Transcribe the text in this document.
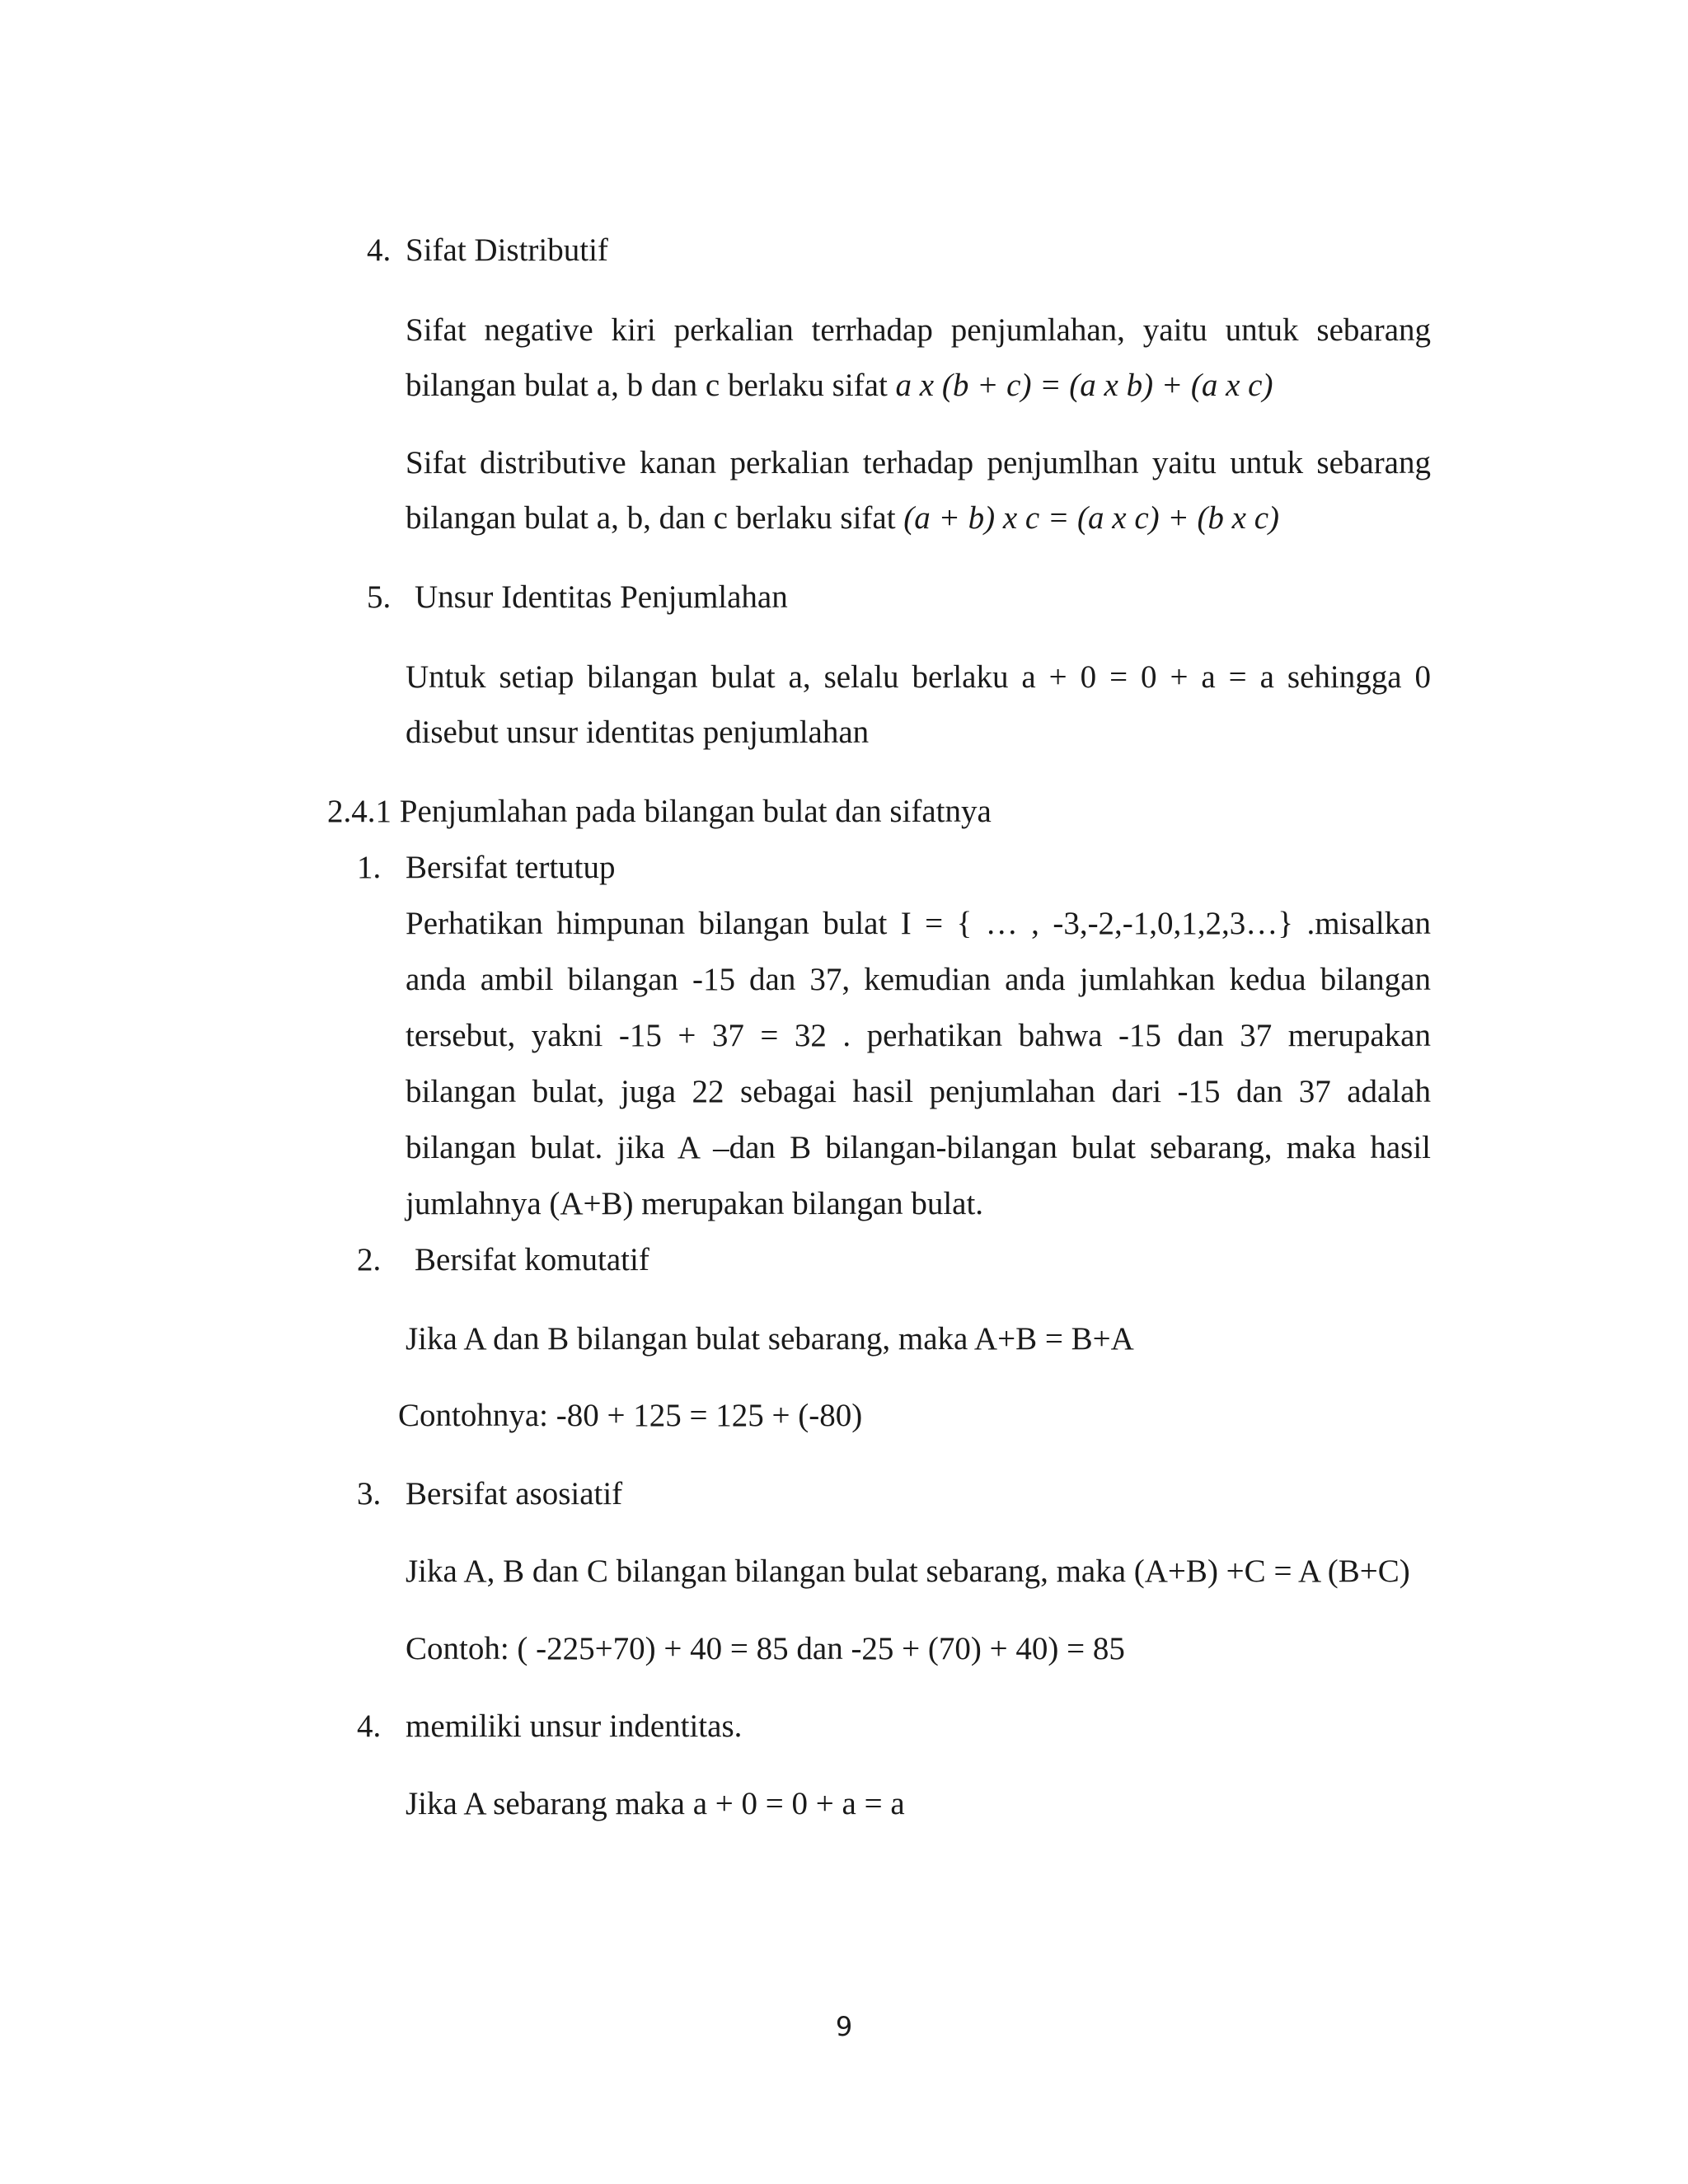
4. Sifat Distributif
Sifat negative kiri perkalian terrhadap penjumlahan, yaitu untuk sebarang
bilangan bulat a, b dan c berlaku sifat a x (b + c) = (a x b) + (a x c)
Sifat distributive kanan perkalian terhadap penjumlhan yaitu untuk sebarang
bilangan bulat a, b, dan c berlaku sifat (a + b) x c = (a x c) + (b x c)
5. Unsur Identitas Penjumlahan
Untuk setiap bilangan bulat a, selalu berlaku a + 0 = 0 + a = a sehingga 0
disebut unsur identitas penjumlahan
2.4.1 Penjumlahan pada bilangan bulat dan sifatnya
1. Bersifat tertutup
Perhatikan himpunan bilangan bulat I = { … , -3,-2,-1,0,1,2,3…} .misalkan
anda ambil bilangan -15 dan 37, kemudian anda jumlahkan kedua bilangan
tersebut, yakni -15 + 37 = 32 . perhatikan bahwa -15 dan 37 merupakan
bilangan bulat, juga 22 sebagai hasil penjumlahan dari -15 dan 37 adalah
bilangan bulat. jika A –dan B bilangan-bilangan bulat sebarang, maka hasil
jumlahnya (A+B) merupakan bilangan bulat.
2. Bersifat komutatif
Jika A dan B bilangan bulat sebarang, maka A+B = B+A
Contohnya: -80 + 125 = 125 + (-80)
3. Bersifat asosiatif
Jika A, B dan C bilangan bilangan bulat sebarang, maka (A+B) +C = A (B+C)
Contoh: ( -225+70) + 40 = 85 dan -25 + (70) + 40) = 85
4. memiliki unsur indentitas.
Jika A sebarang maka a + 0 = 0 + a = a
9
